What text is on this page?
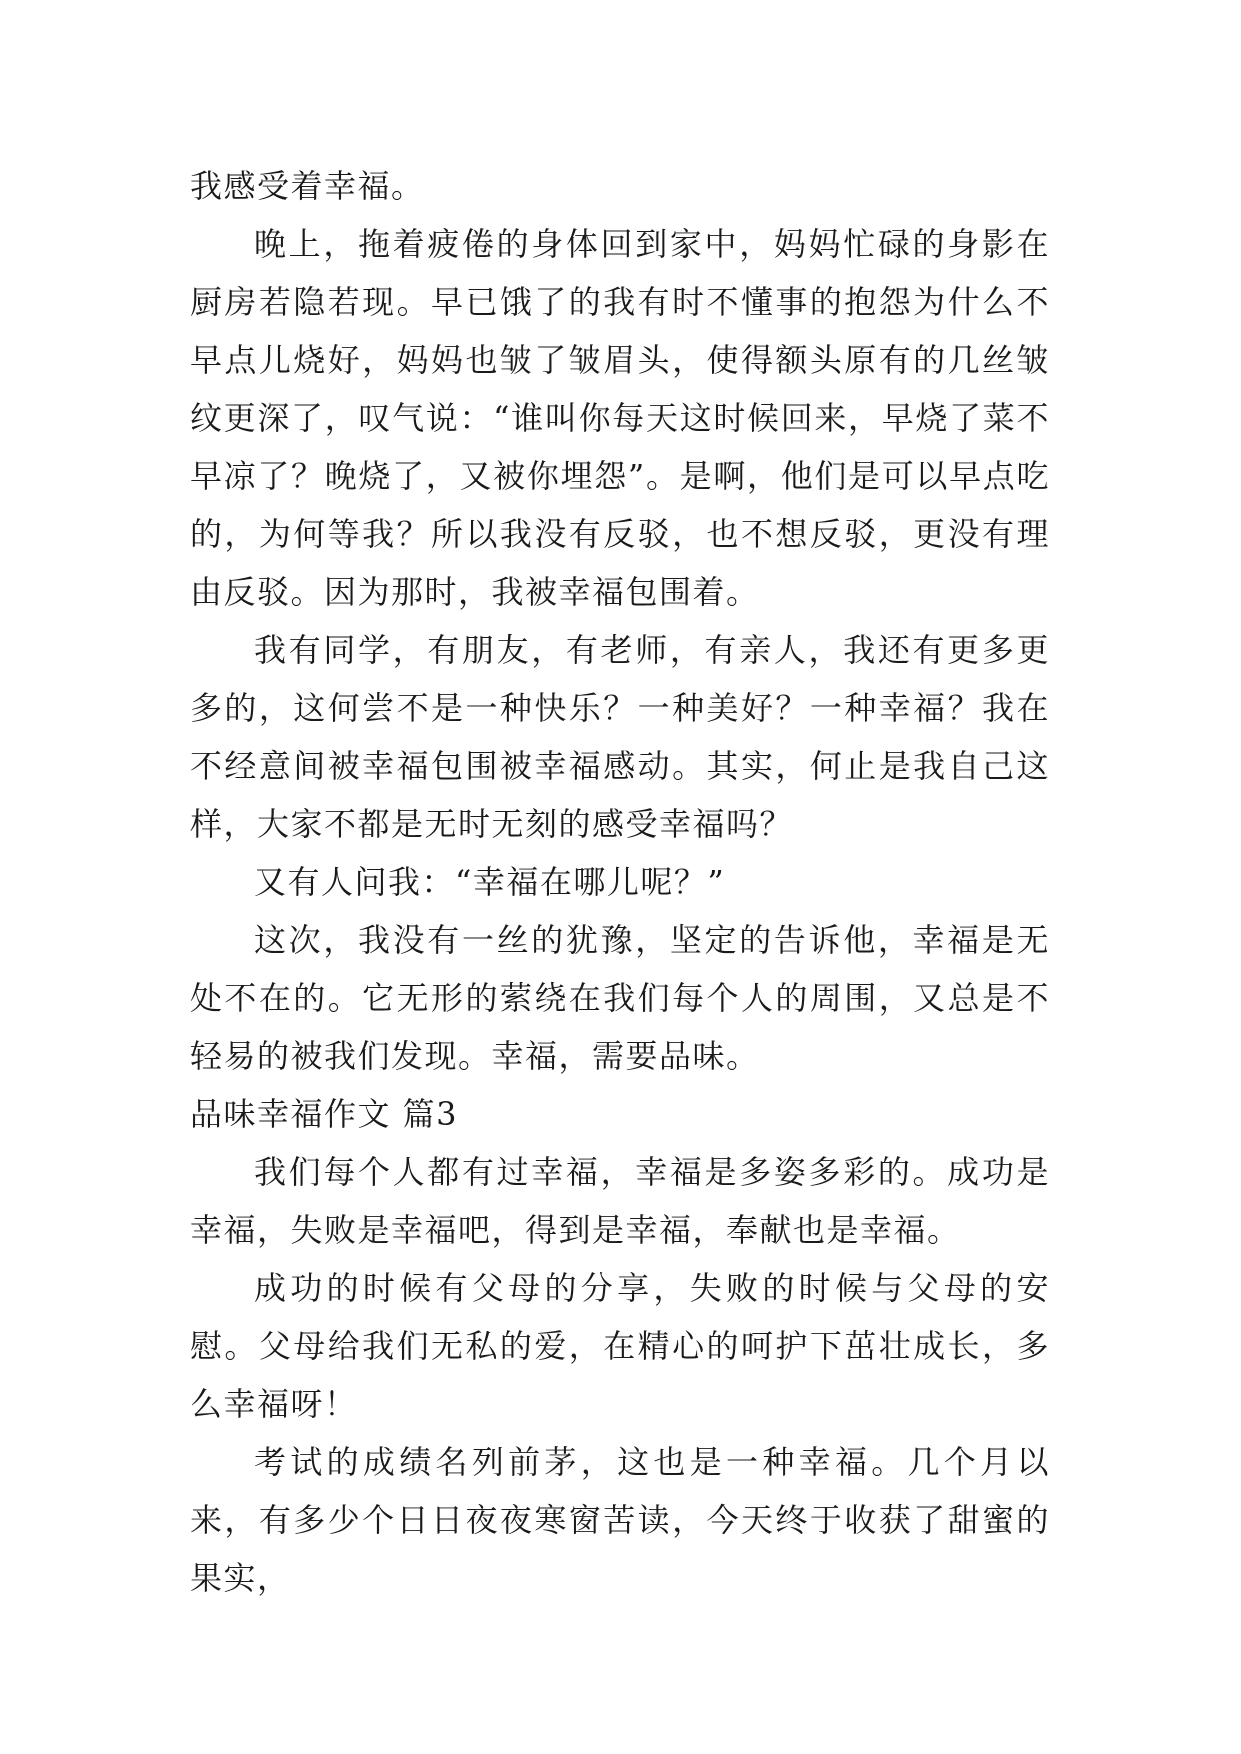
我感受着幸福。

晚上，拖着疲倦的身体回到家中，妈妈忙碌的身影在厨房若隐若现。早已饿了的我有时不懂事的抱怨为什么不早点儿烧好，妈妈也皱了皱眉头，使得额头原有的几丝皱纹更深了，叹气说：“谁叫你每天这时候回来，早烧了菜不早凉了？晚烧了，又被你埋怨”。是啊，他们是可以早点吃的，为何等我？所以我没有反驳，也不想反驳，更没有理由反驳。因为那时，我被幸福包围着。

我有同学，有朋友，有老师，有亲人，我还有更多更多的，这何尝不是一种快乐？一种美好？一种幸福？我在不经意间被幸福包围被幸福感动。其实，何止是我自己这样，大家不都是无时无刻的感受幸福吗？

又有人问我：“幸福在哪儿呢？”

这次，我没有一丝的犹豫，坚定的告诉他，幸福是无处不在的。它无形的萦绕在我们每个人的周围，又总是不轻易的被我们发现。幸福，需要品味。

品味幸福作文 篇3

我们每个人都有过幸福，幸福是多姿多彩的。成功是幸福，失败是幸福吧，得到是幸福，奉献也是幸福。

成功的时候有父母的分享，失败的时候与父母的安慰。父母给我们无私的爱，在精心的呵护下茁壮成长，多么幸福呀！

考试的成绩名列前茅，这也是一种幸福。几个月以来，有多少个日日夜夜寒窗苦读，今天终于收获了甜蜜的果实，
